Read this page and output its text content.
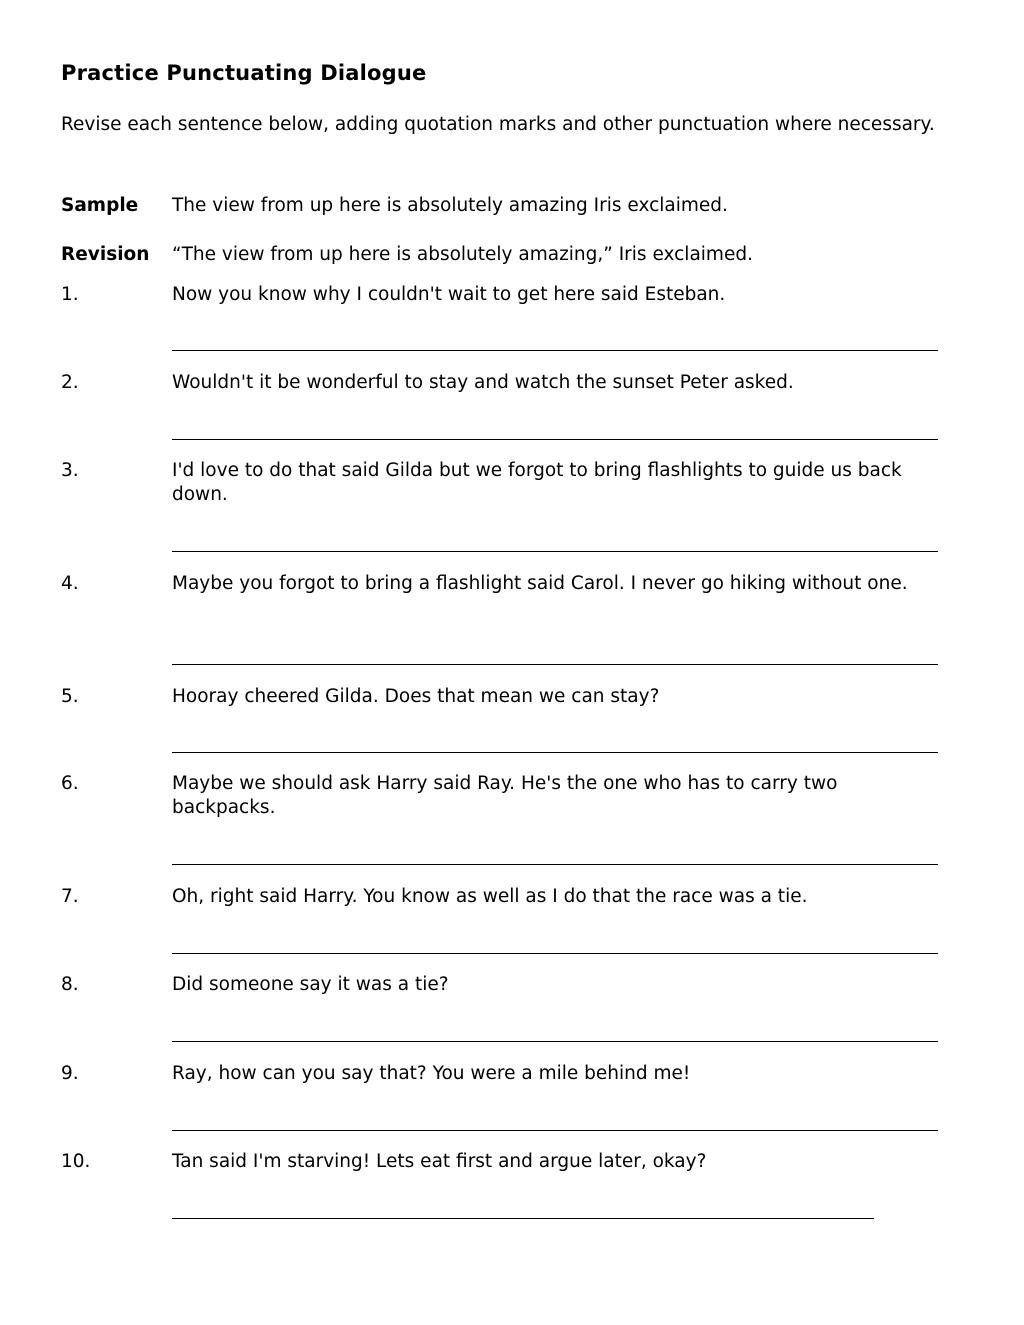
Practice Punctuating Dialogue
Revise each sentence below, adding quotation marks and other punctuation where necessary.
Sample	The view from up here is absolutely amazing Iris exclaimed.
Revision	“The view from up here is absolutely amazing,” Iris exclaimed.
1.	Now you know why I couldn't wait to get here said Esteban.
2.	Wouldn't it be wonderful to stay and watch the sunset Peter asked.
3.	I'd love to do that said Gilda but we forgot to bring flashlights to guide us back down.
4.	Maybe you forgot to bring a flashlight said Carol. I never go hiking without one.
5.	Hooray cheered Gilda. Does that mean we can stay?
6.	Maybe we should ask Harry said Ray. He's the one who has to carry two backpacks.
7.	Oh, right said Harry. You know as well as I do that the race was a tie.
8.	Did someone say it was a tie?
9.	Ray, how can you say that? You were a mile behind me!
10.	Tan said I'm starving! Lets eat first and argue later, okay?
